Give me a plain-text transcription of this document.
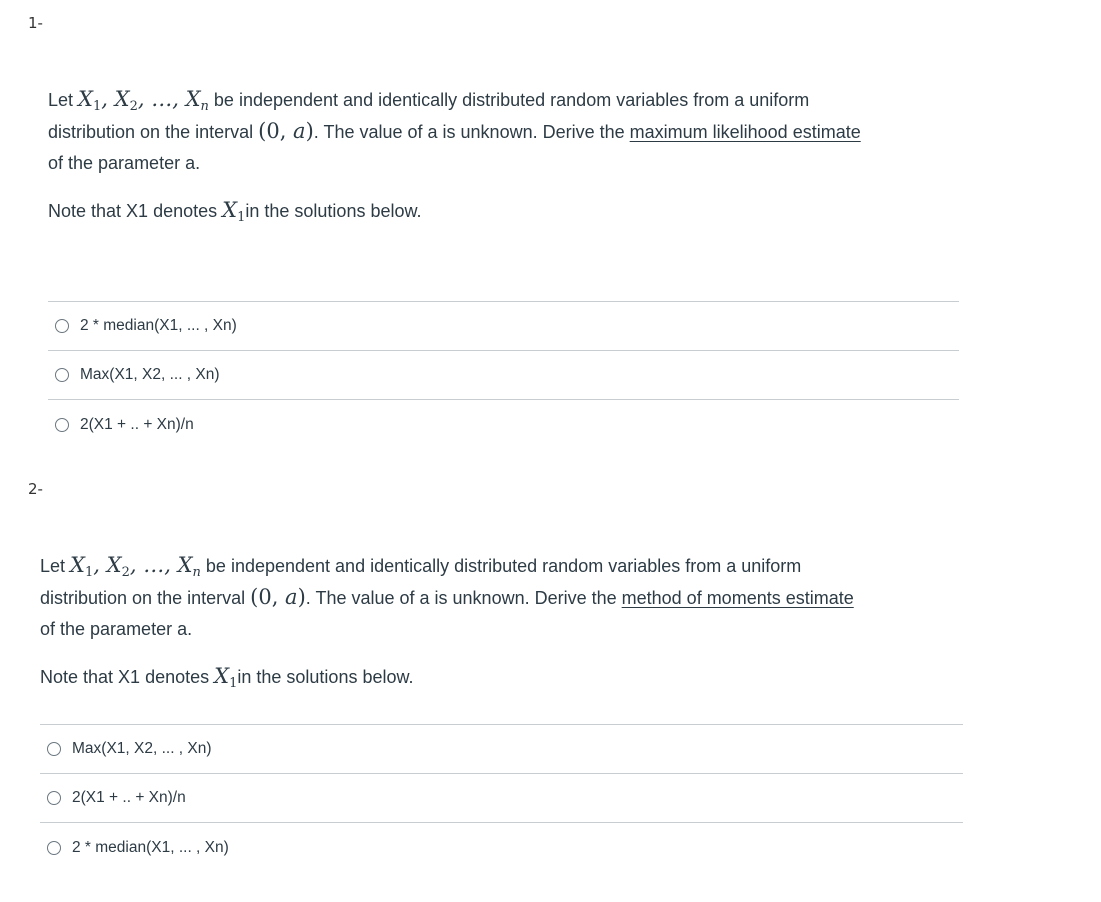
1-

Let $X_1$, $X_2$, …, $X_n$ be independent and identically distributed random variables from a uniform
distribution on the interval (0, a). The value of a is unknown. Derive the maximum likelihood estimate
of the parameter a.

Note that X1 denotes $X_1in$ the solutions below.

2 * median(X1, ... , Xn)
Max(X1, X2, ... , Xn)
2(X1 + .. + Xn)/n
2-

Let $X_1$, $X_2$, …, $X_n$ be independent and identically distributed random variables from a uniform
distribution on the interval (0, a). The value of a is unknown. Derive the method of moments estimate
of the parameter a.

Note that X1 denotes $X_1in$ the solutions below.

Max(X1, X2, ... , Xn)
2(X1 + .. + Xn)/n
2 * median(X1, ... , Xn)
